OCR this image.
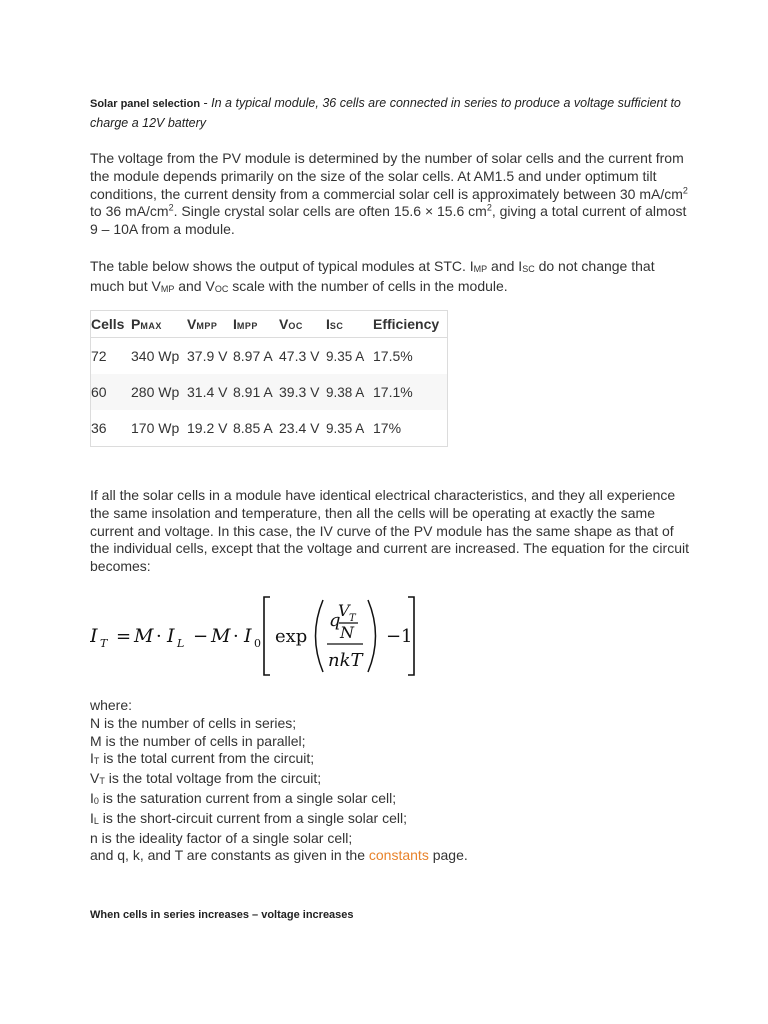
Solar panel selection - In a typical module, 36 cells are connected in series to produce a voltage sufficient to charge a 12V battery
The voltage from the PV module is determined by the number of solar cells and the current from the module depends primarily on the size of the solar cells. At AM1.5 and under optimum tilt conditions, the current density from a commercial solar cell is approximately between 30 $mA/cm^2$ to 36 $mA/cm^2$. Single crystal solar cells are often 15.6 × 15.6 $cm^2$, giving a total current of almost 9 – 10A from a module.
The table below shows the output of typical modules at STC. IMP and ISC do not change that much but VMP and VOC scale with the number of cells in the module.
Cells	PMAX	VMPP	IMPP	VOC	ISC	Efficiency
72	340 Wp	37.9 V	8.97 A	47.3 V	9.35 A	17.5%
60	280 Wp	31.4 V	8.91 A	39.3 V	9.38 A	17.1%
36	170 Wp	19.2 V	8.85 A	23.4 V	9.35 A	17%
If all the solar cells in a module have identical electrical characteristics, and they all experience the same insolation and temperature, then all the cells will be operating at exactly the same current and voltage. In this case, the IV curve of the PV module has the same shape as that of the individual cells, except that the voltage and current are increased. The equation for the circuit becomes:
I T = M · I L − M · I 0 exp
q
V T
N
nkT
− 1
where:
N is the number of cells in series;
M is the number of cells in parallel;
IT is the total current from the circuit;
VT is the total voltage from the circuit;
I0 is the saturation current from a single solar cell;
IL is the short-circuit current from a single solar cell;
n is the ideality factor of a single solar cell;
and q, k, and T are constants as given in the constants page.
When cells in series increases – voltage increases
